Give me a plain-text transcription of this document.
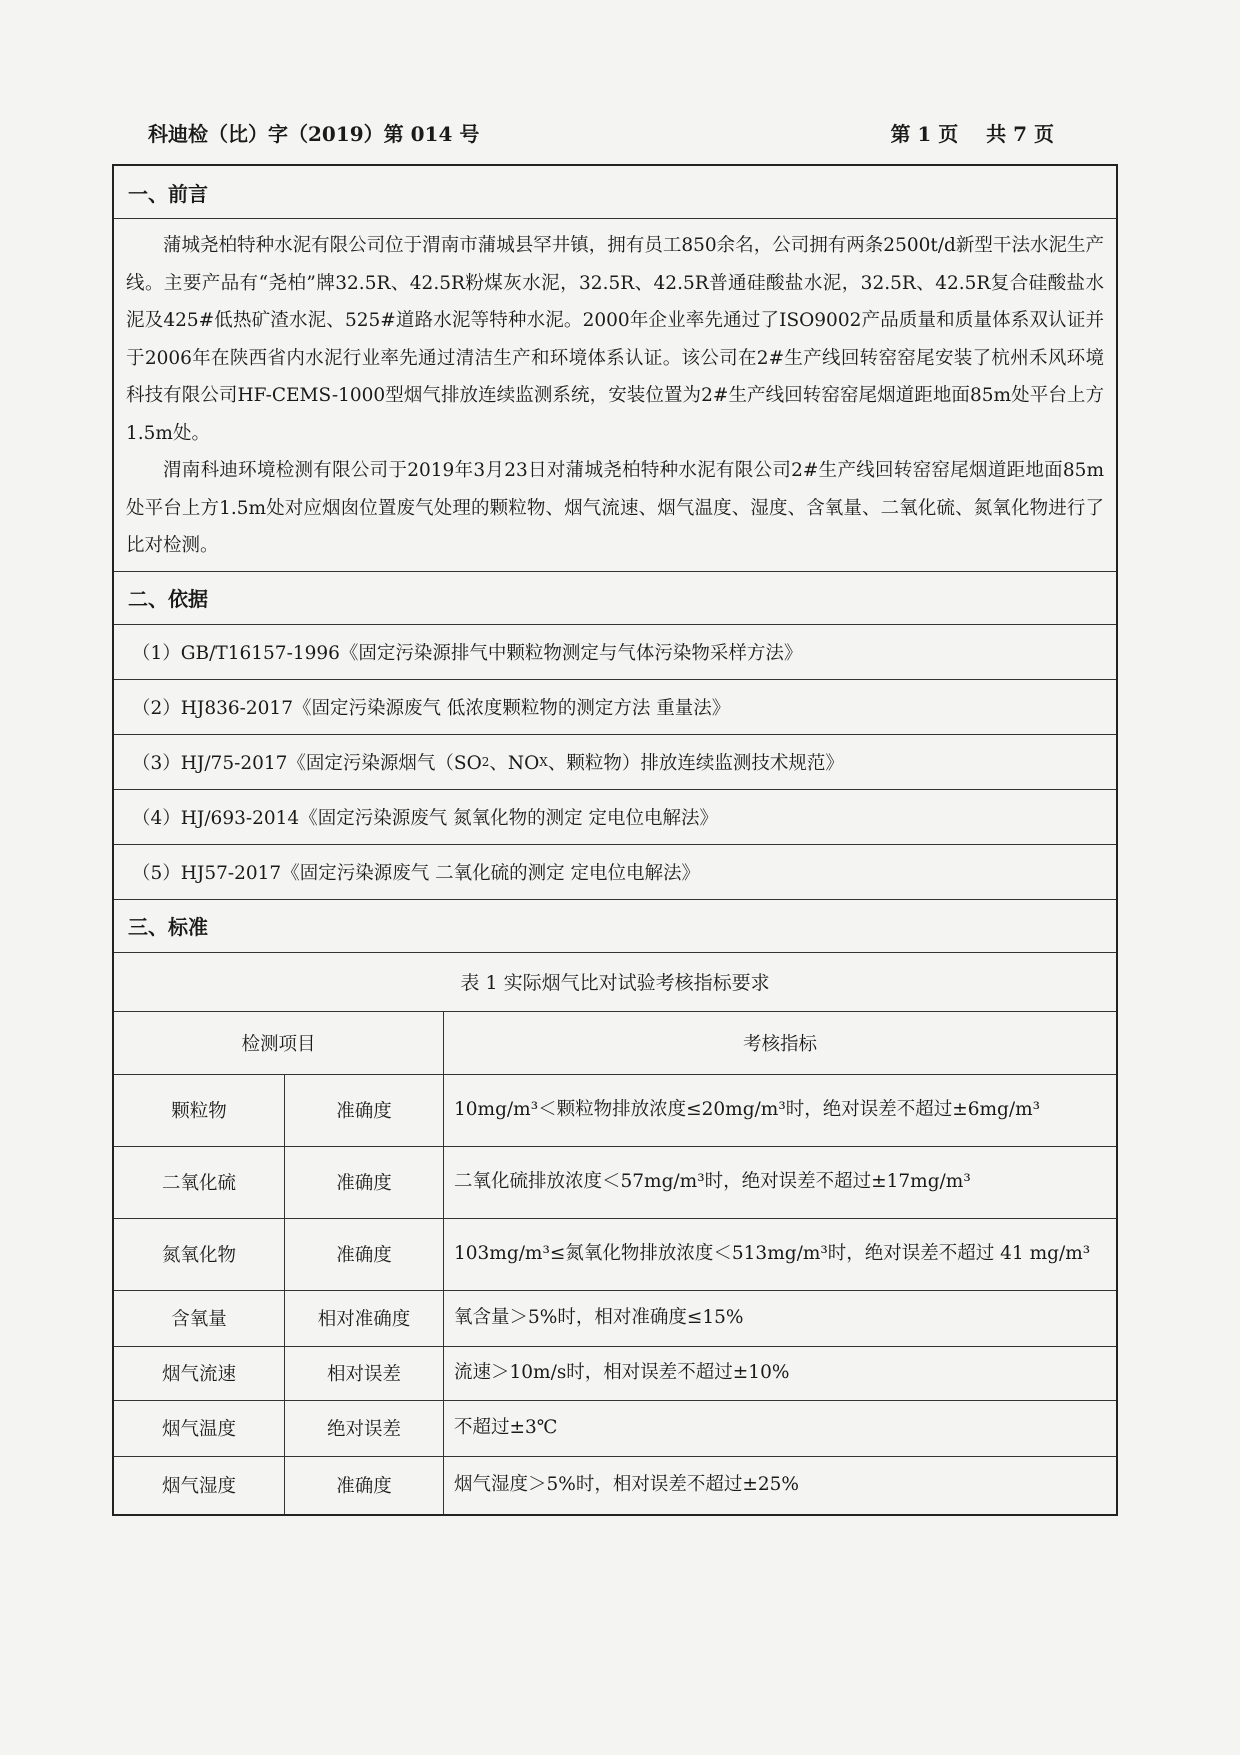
科迪检（比）字（2019）第 014 号	第 1 页    共 7 页
一、前言

蒲城尧柏特种水泥有限公司位于渭南市蒲城县罕井镇，拥有员工850余名，公司拥有两条2500t/d新型干法水泥生产线。主要产品有“尧柏”牌32.5R、42.5R粉煤灰水泥，32.5R、42.5R普通硅酸盐水泥，32.5R、42.5R复合硅酸盐水泥及425#低热矿渣水泥、525#道路水泥等特种水泥。2000年企业率先通过了ISO9002产品质量和质量体系双认证并于2006年在陕西省内水泥行业率先通过清洁生产和环境体系认证。该公司在2#生产线回转窑窑尾安装了杭州禾风环境科技有限公司HF-CEMS-1000型烟气排放连续监测系统，安装位置为2#生产线回转窑窑尾烟道距地面85m处平台上方1.5m处。

渭南科迪环境检测有限公司于2019年3月23日对蒲城尧柏特种水泥有限公司2#生产线回转窑窑尾烟道距地面85m处平台上方1.5m处对应烟囱位置废气处理的颗粒物、烟气流速、烟气温度、湿度、含氧量、二氧化硫、氮氧化物进行了比对检测。

二、依据
（1）GB/T16157-1996《固定污染源排气中颗粒物测定与气体污染物采样方法》
（2）HJ836-2017《固定污染源废气 低浓度颗粒物的测定方法 重量法》
（3）HJ/75-2017《固定污染源烟气（SO 2 、NO X 、颗粒物）排放连续监测技术规范》
（4）HJ/693-2014《固定污染源废气 氮氧化物的测定 定电位电解法》
（5）HJ57-2017《固定污染源废气 二氧化硫的测定 定电位电解法》
三、标准
表 1 实际烟气比对试验考核指标要求
检测项目		考核指标
颗粒物	准确度	10mg/m³＜颗粒物排放浓度≤20mg/m³时，绝对误差不超过±6mg/m³
二氧化硫	准确度	二氧化硫排放浓度＜57mg/m³时，绝对误差不超过±17mg/m³
氮氧化物	准确度	103mg/m³≤氮氧化物排放浓度＜513mg/m³时，绝对误差不超过 41 mg/m³
含氧量	相对准确度	氧含量＞5%时，相对准确度≤15%
烟气流速	相对误差	流速＞10m/s时，相对误差不超过±10%
烟气温度	绝对误差	不超过±3℃
烟气湿度	准确度	烟气湿度＞5%时，相对误差不超过±25%
